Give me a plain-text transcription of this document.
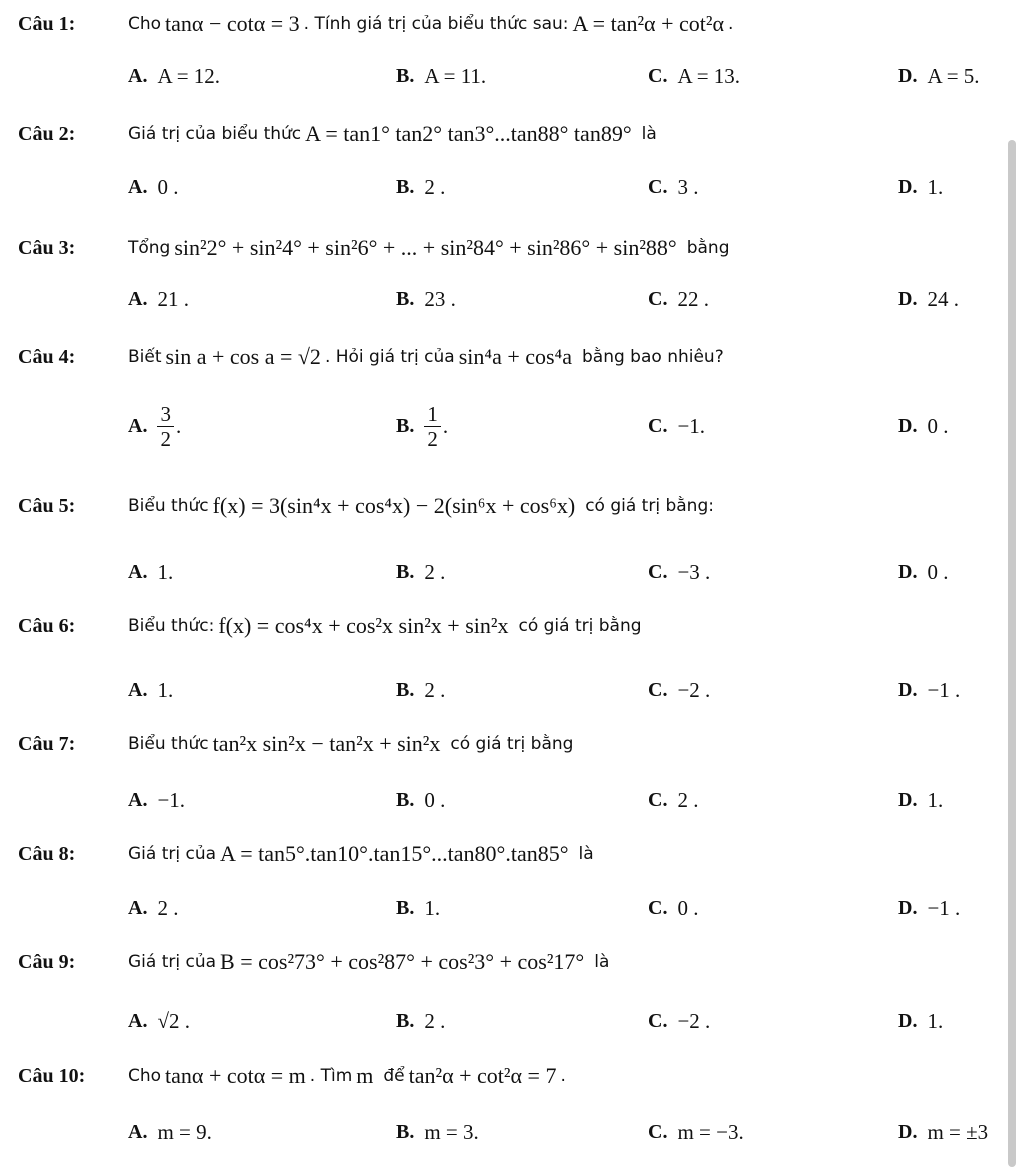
Câu 1:	Cho tanα − cotα = 3 . Tính giá trị của biểu thức sau: A = tan²α + cot²α .
A. A = 12.	B. A = 11.	C. A = 13.	D. A = 5.
Câu 2:	Giá trị của biểu thức A = tan1° tan2° tan3°...tan88° tan89° là
A. 0 .	B. 2 .	C. 3 .	D. 1.
Câu 3:	Tổng sin²2° + sin²4° + sin²6° + ... + sin²84° + sin²86° + sin²88° bằng
A. 21 .	B. 23 .	C. 22 .	D. 24 .
Câu 4:	Biết sin a + cos a = √2 . Hỏi giá trị của sin⁴a + cos⁴a bằng bao nhiêu?
A. $\frac{3}{2}$ .	B. $\frac{1}{2}$ .	C. −1.	D. 0 .
Câu 5:	Biểu thức f(x) = 3(sin⁴x + cos⁴x) − 2(sin⁶x + cos⁶x) có giá trị bằng:
A. 1.	B. 2 .	C. −3 .	D. 0 .
Câu 6:	Biểu thức: f(x) = cos⁴x + cos²x sin²x + sin²x có giá trị bằng
A. 1.	B. 2 .	C. −2 .	D. −1 .
Câu 7:	Biểu thức tan²x sin²x − tan²x + sin²x có giá trị bằng
A. −1.	B. 0 .	C. 2 .	D. 1.
Câu 8:	Giá trị của A = tan5°.tan10°.tan15°...tan80°.tan85° là
A. 2 .	B. 1.	C. 0 .	D. −1 .
Câu 9:	Giá trị của B = cos²73° + cos²87° + cos²3° + cos²17° là
A. √2 .	B. 2 .	C. −2 .	D. 1.
Câu 10:	Cho tanα + cotα = m . Tìm m để tan²α + cot²α = 7 .
A. m = 9.	B. m = 3.	C. m = −3.	D. m = ±3
